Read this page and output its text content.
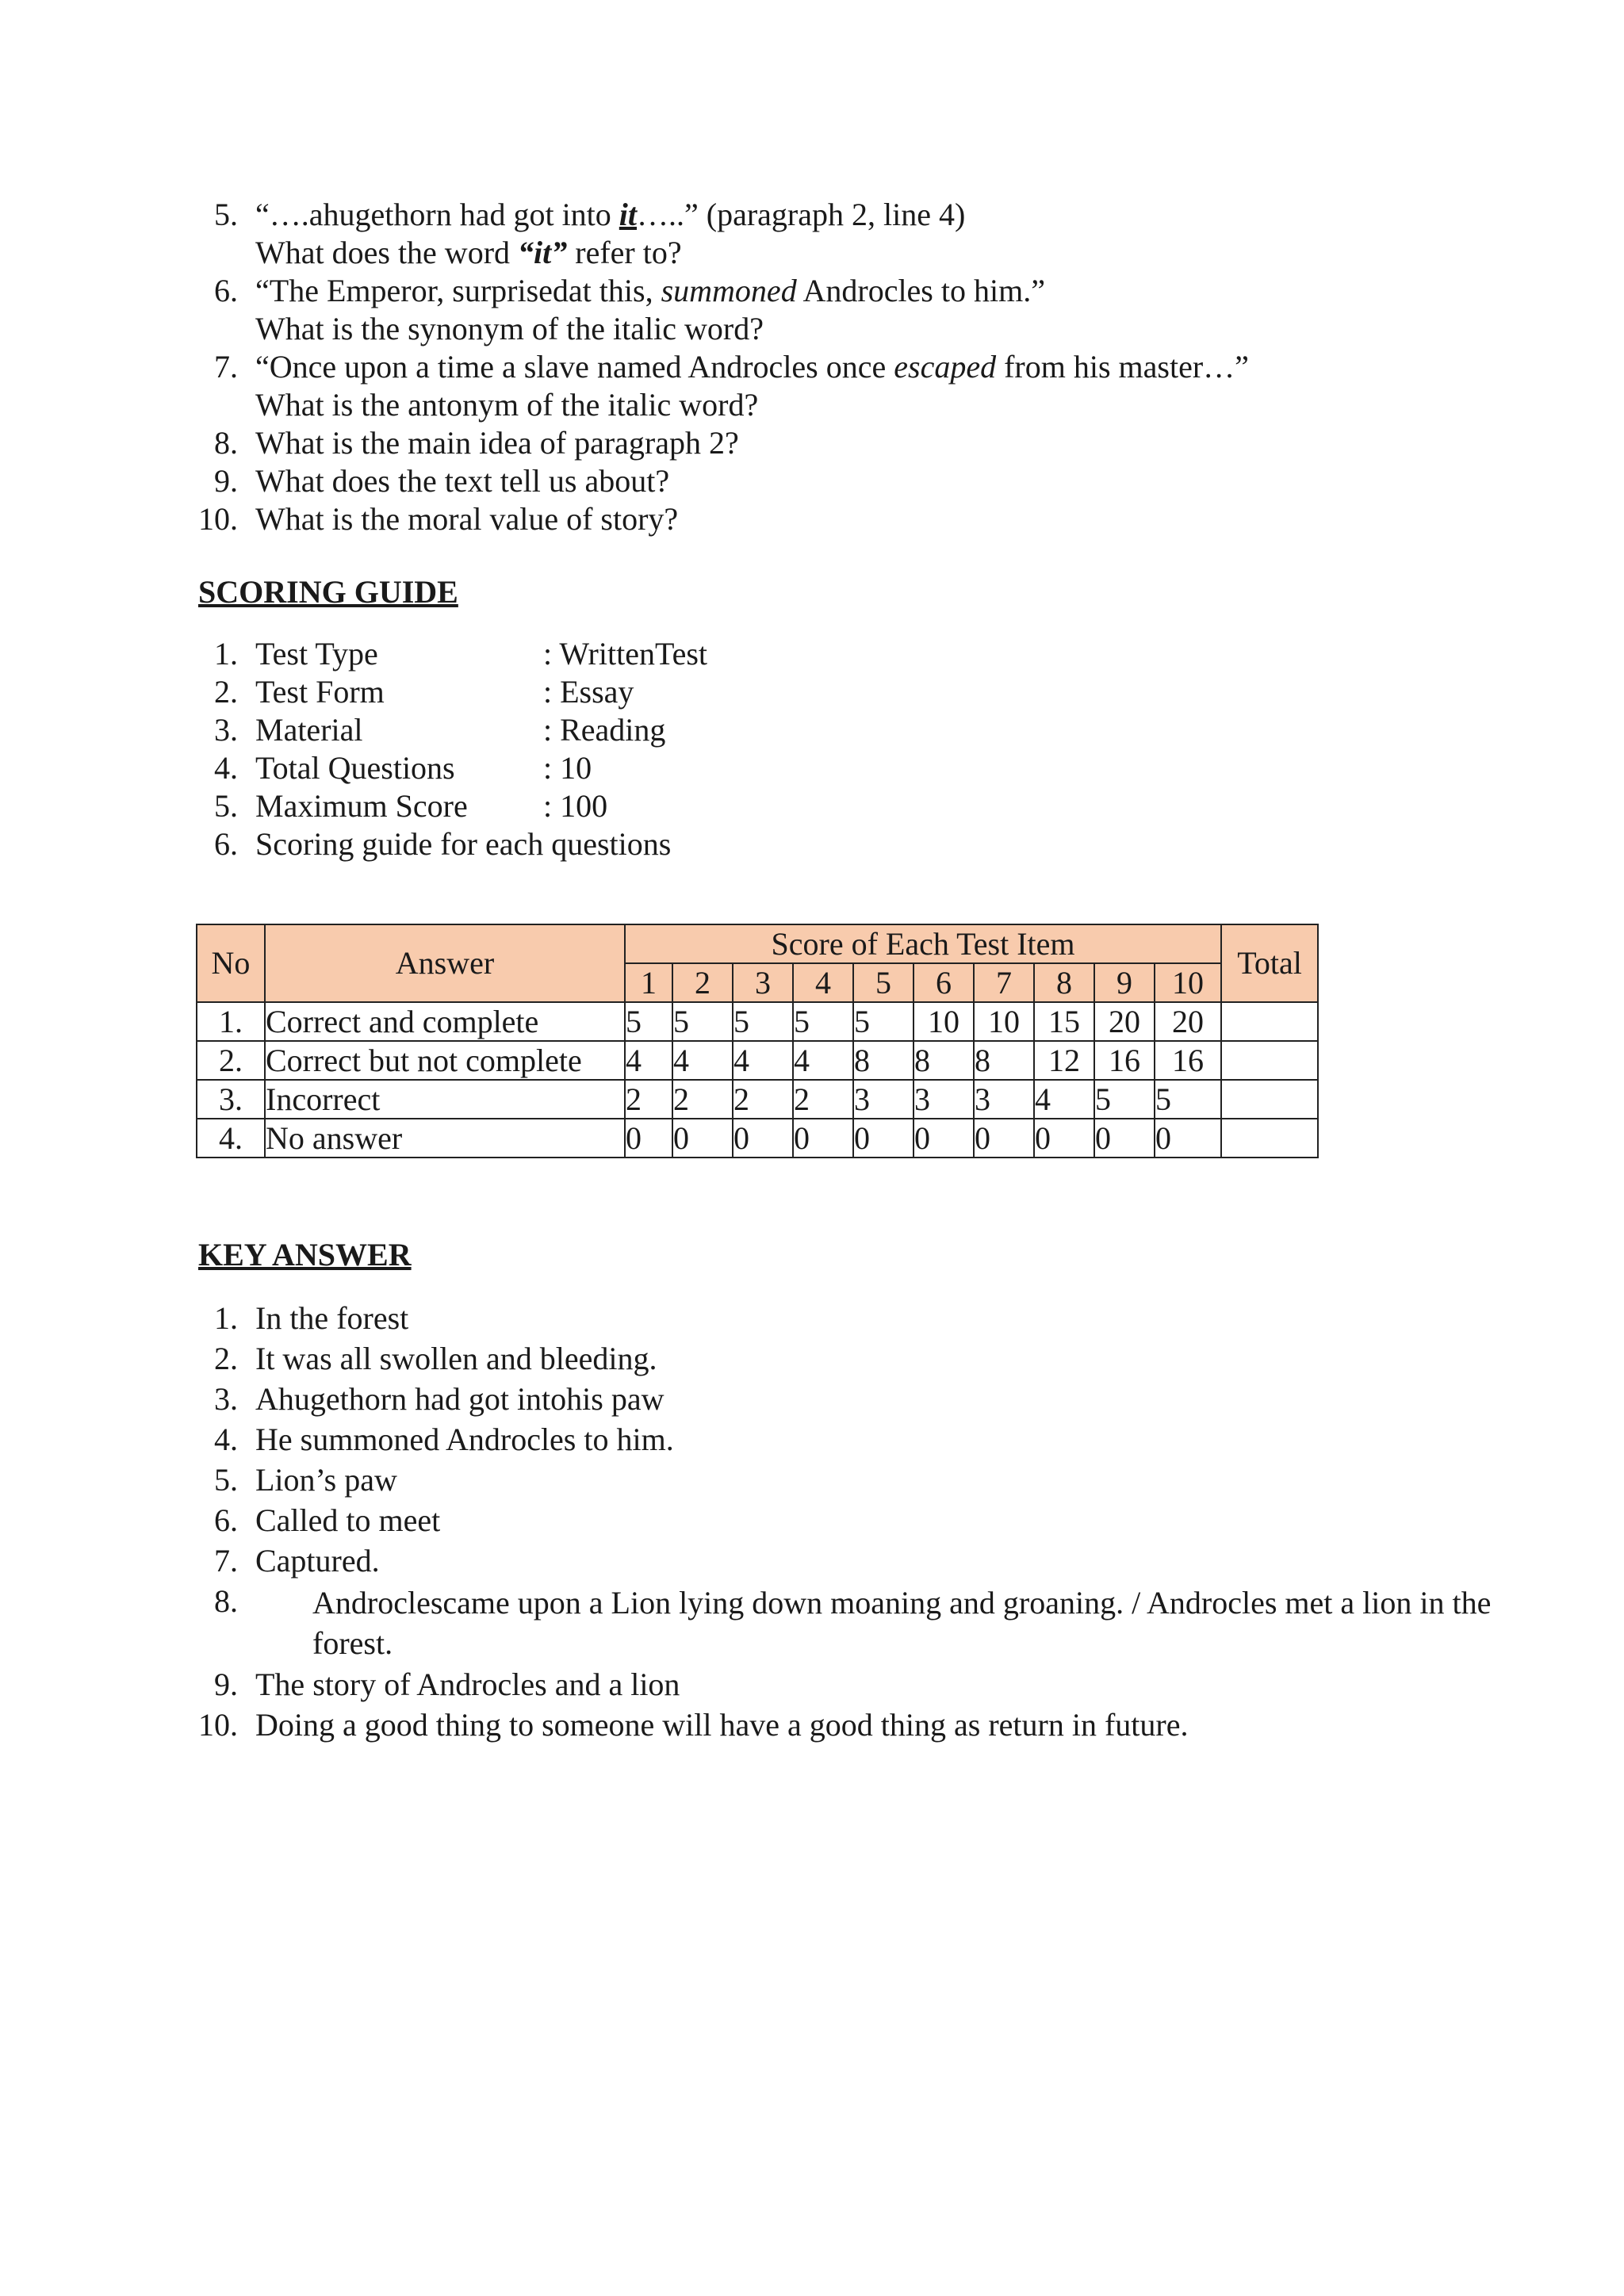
5. “….ahugethorn had got into it…..” (paragraph 2, line 4)
What does the word “it” refer to?
6. “The Emperor, surprisedat this, summoned Androcles to him.”
What is the synonym of the italic word?
7. “Once upon a time a slave named Androcles once escaped from his master…”
What is the antonym of the italic word?
8. What is the main idea of paragraph 2?
9. What does the text tell us about?
10. What is the moral value of story?
SCORING GUIDE
1. Test Type	: WrittenTest
2. Test Form	: Essay
3. Material	: Reading
4. Total Questions	: 10
5. Maximum Score : 100
6. Scoring guide for each questions
No	Answer	Score of Each Test Item										Total
		1	2	3	4	5	6	7	8	9	10	
1.	Correct and complete	5	5	5	5	5	10	10	15	20	20	
2.	Correct but not complete	4	4	4	4	8	8	8	12	16	16	
3.	Incorrect	2	2	2	2	3	3	3	4	5	5	
4.	No answer	0	0	0	0	0	0	0	0	0	0	
KEY ANSWER
1. In the forest
2. It was all swollen and bleeding.
3. Ahugethorn had got intohis paw
4. He summoned Androcles to him.
5. Lion’s paw
6. Called to meet
7. Captured.
8. Androclescame upon a Lion lying down moaning and groaning. / Androcles met a lion in the forest.
9. The story of Androcles and a lion
10. Doing a good thing to someone will have a good thing as return in future.
